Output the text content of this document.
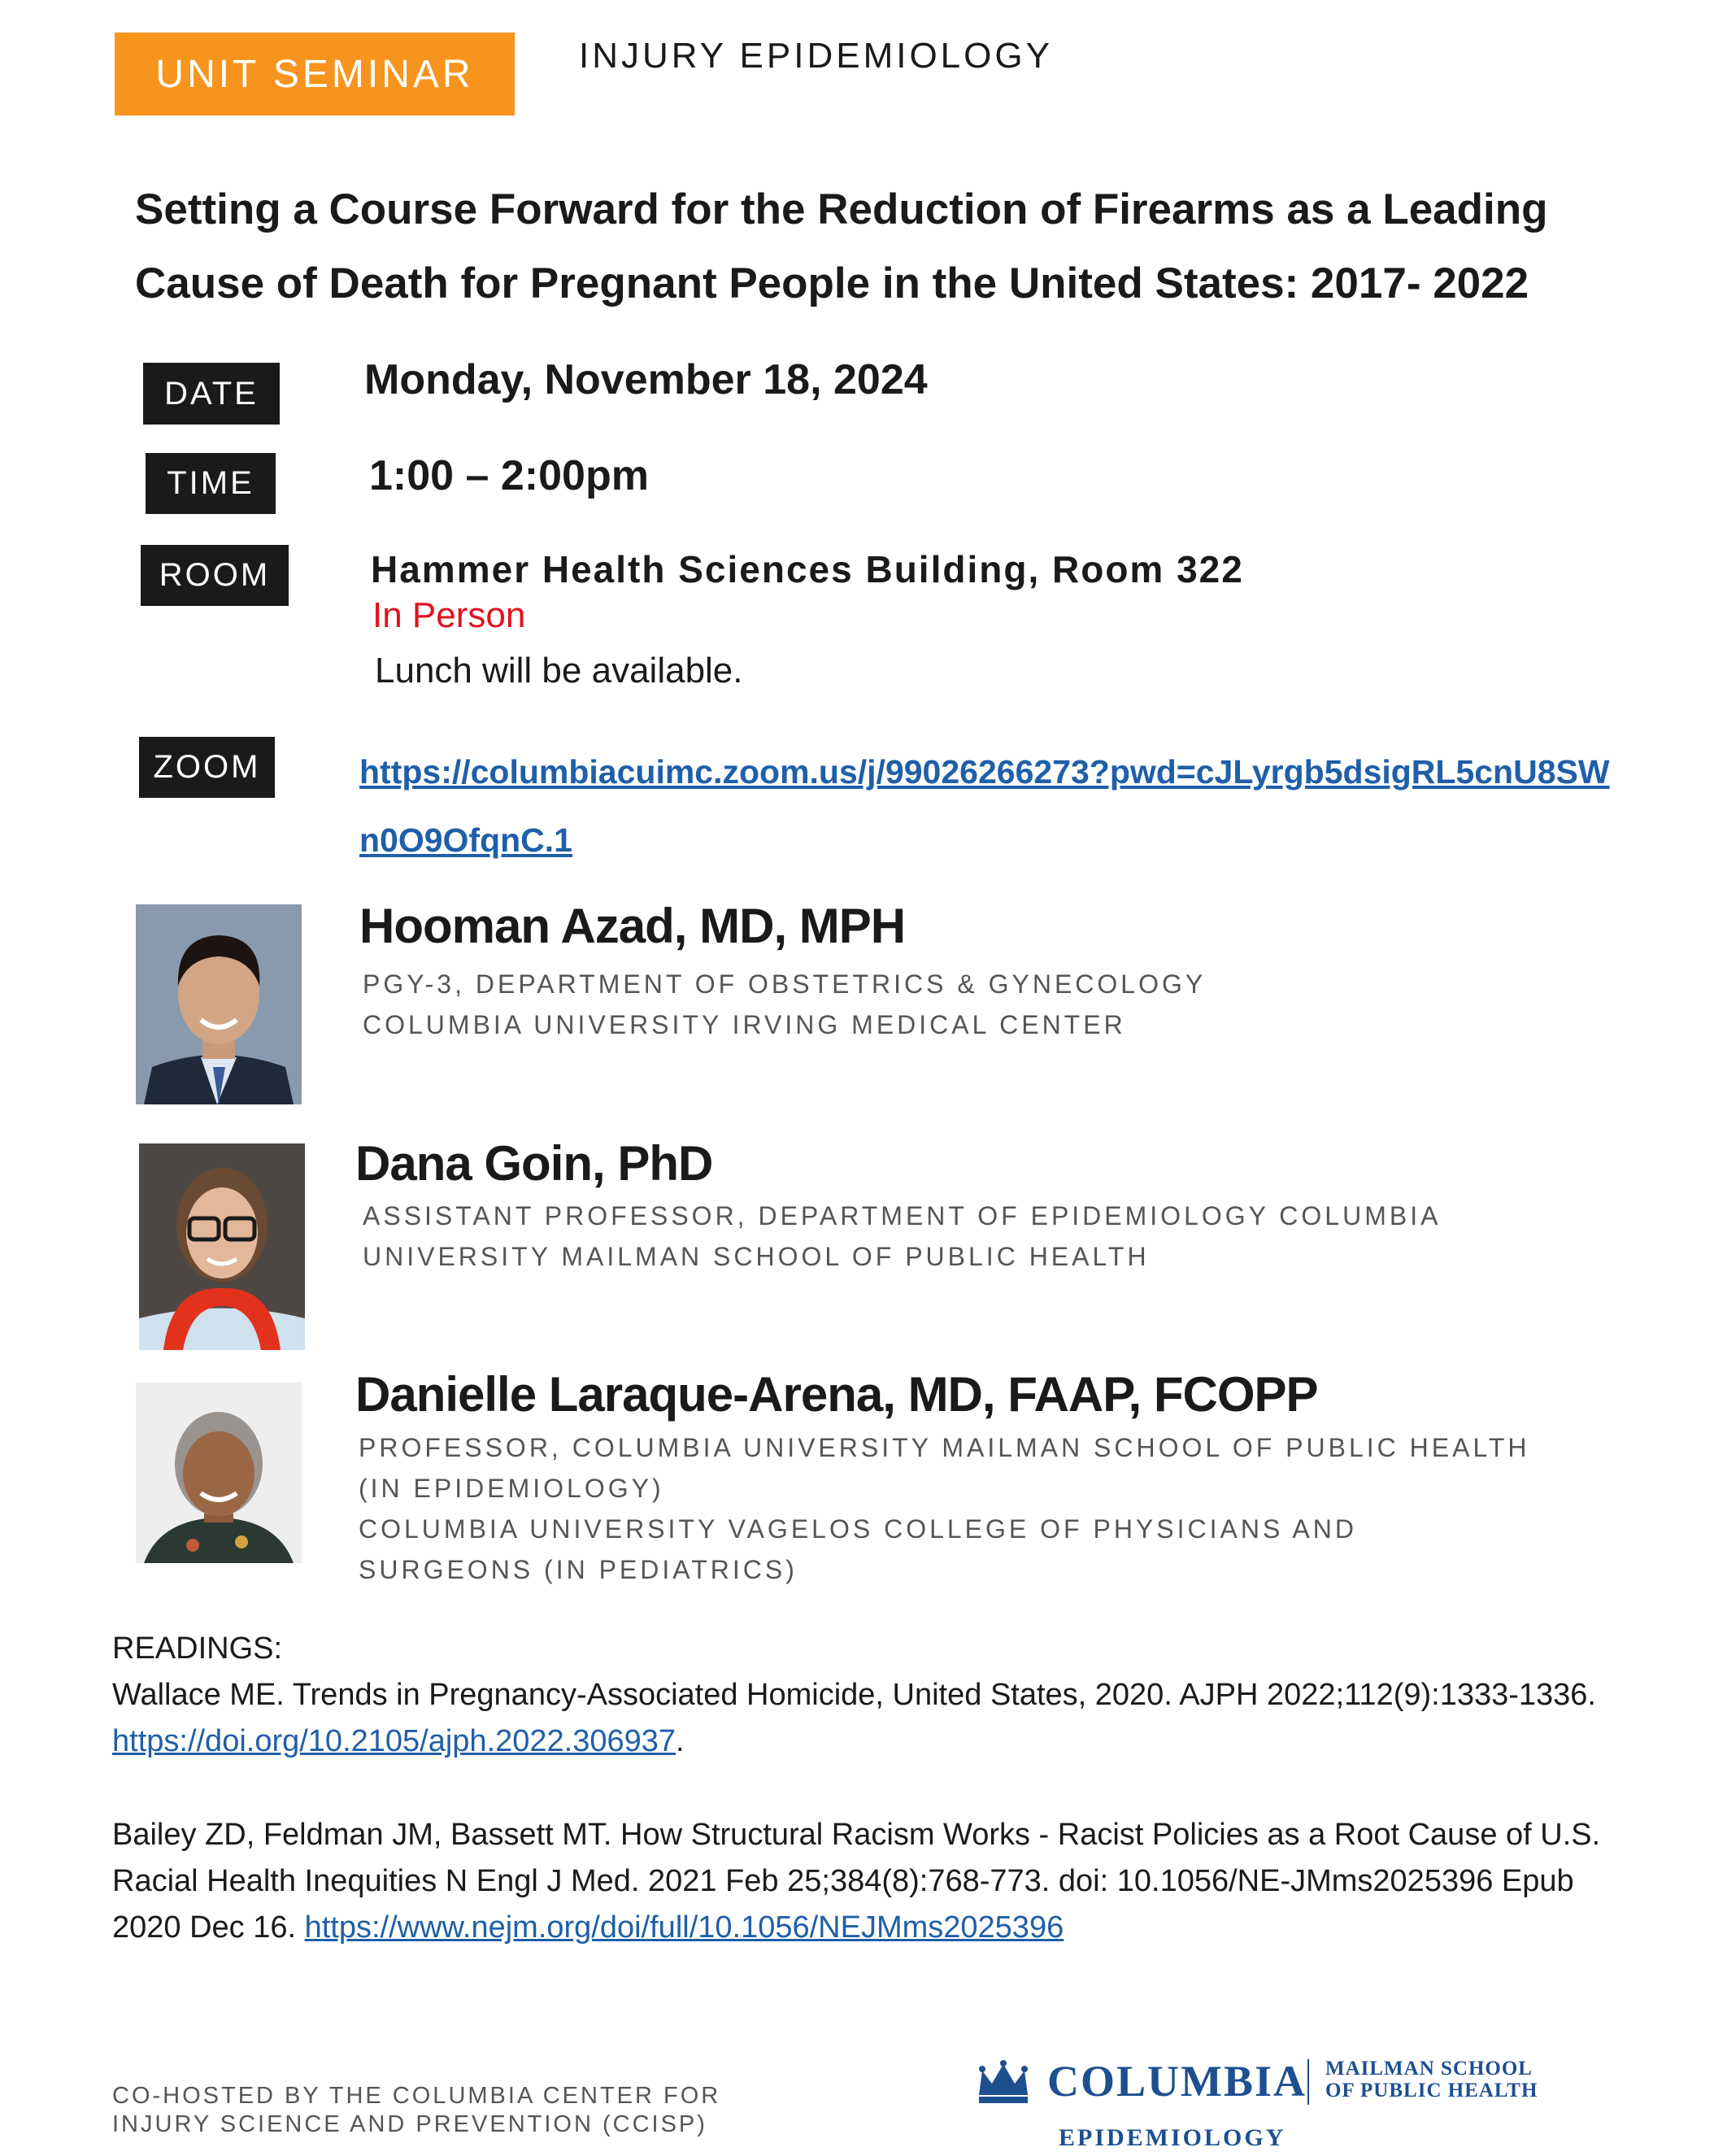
UNIT SEMINAR	INJURY EPIDEMIOLOGY
Setting a Course Forward for the Reduction of Firearms as a Leading Cause of Death for Pregnant People in the United States: 2017- 2022
DATE	Monday, November 18, 2024
TIME	1:00 – 2:00pm
ROOM	Hammer Health Sciences Building, Room 322
In Person
Lunch will be available.
ZOOM	https://columbiacuimc.zoom.us/j/99026266273?pwd=cJLyrgb5dsigRL5cnU8SWn0O9OfqnC.1
Hooman Azad, MD, MPH
PGY-3, DEPARTMENT OF OBSTETRICS & GYNECOLOGY
COLUMBIA UNIVERSITY IRVING MEDICAL CENTER
Dana Goin, PhD
ASSISTANT PROFESSOR, DEPARTMENT OF EPIDEMIOLOGY COLUMBIA
UNIVERSITY MAILMAN SCHOOL OF PUBLIC HEALTH
Danielle Laraque-Arena, MD, FAAP, FCOPP
PROFESSOR, COLUMBIA UNIVERSITY MAILMAN SCHOOL OF PUBLIC HEALTH
(IN EPIDEMIOLOGY)
COLUMBIA UNIVERSITY VAGELOS COLLEGE OF PHYSICIANS AND
SURGEONS (IN PEDIATRICS)
READINGS:
Wallace ME. Trends in Pregnancy-Associated Homicide, United States, 2020. AJPH 2022;112(9):1333-1336. https://doi.org/10.2105/ajph.2022.306937.
Bailey ZD, Feldman JM, Bassett MT. How Structural Racism Works - Racist Policies as a Root Cause of U.S. Racial Health Inequities N Engl J Med. 2021 Feb 25;384(8):768-773. doi: 10.1056/NE-JMms2025396 Epub 2020 Dec 16. https://www.nejm.org/doi/full/10.1056/NEJMms2025396
CO-HOSTED BY THE COLUMBIA CENTER FOR
INJURY SCIENCE AND PREVENTION (CCISP)
COLUMBIA MAILMAN SCHOOL
OF PUBLIC HEALTH
EPIDEMIOLOGY
